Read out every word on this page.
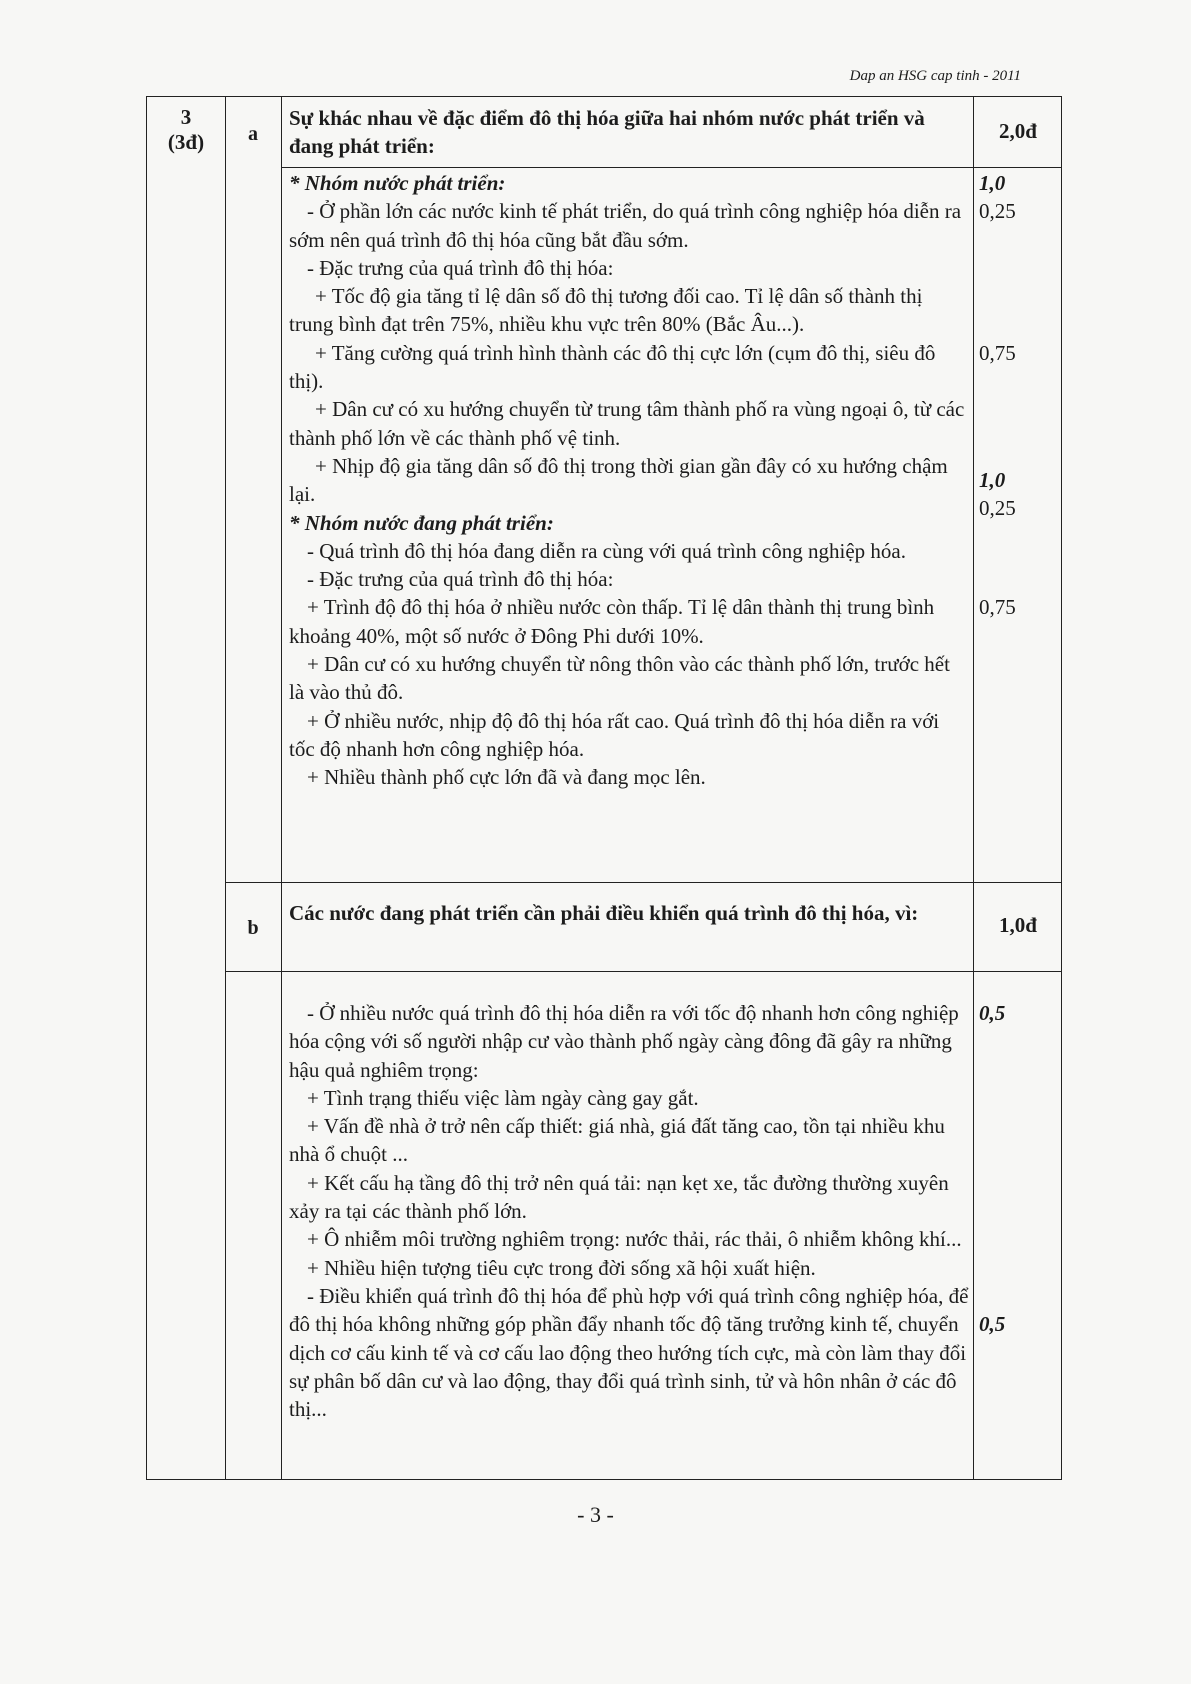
Dap an HSG cap tinh - 2011
3
(3đ)	a
Sự khác nhau về đặc điểm đô thị hóa giữa hai nhóm nước phát triển và đang phát triển:
2,0đ

* Nhóm nước phát triển:

- Ở phần lớn các nước kinh tế phát triển, do quá trình công nghiệp hóa diễn ra sớm nên quá trình đô thị hóa cũng bắt đầu sớm.

- Đặc trưng của quá trình đô thị hóa:

+ Tốc độ gia tăng tỉ lệ dân số đô thị tương đối cao. Tỉ lệ dân số thành thị trung bình đạt trên 75%, nhiều khu vực trên 80% (Bắc Âu...).

+ Tăng cường quá trình hình thành các đô thị cực lớn (cụm đô thị, siêu đô thị).

+ Dân cư có xu hướng chuyển từ trung tâm thành phố ra vùng ngoại ô, từ các thành phố lớn về các thành phố vệ tinh.

+ Nhịp độ gia tăng dân số đô thị trong thời gian gần đây có xu hướng chậm lại.

* Nhóm nước đang phát triển:

- Quá trình đô thị hóa đang diễn ra cùng với quá trình công nghiệp hóa.

- Đặc trưng của quá trình đô thị hóa:

+ Trình độ đô thị hóa ở nhiều nước còn thấp. Tỉ lệ dân thành thị trung bình khoảng 40%, một số nước ở Đông Phi dưới 10%.

+ Dân cư có xu hướng chuyển từ nông thôn vào các thành phố lớn, trước hết là vào thủ đô.

+ Ở nhiều nước, nhịp độ đô thị hóa rất cao. Quá trình đô thị hóa diễn ra với tốc độ nhanh hơn công nghiệp hóa.

+ Nhiều thành phố cực lớn đã và đang mọc lên.

1,0
0,25
0,75
1,0
0,25
0,75
b
Các nước đang phát triển cần phải điều khiển quá trình đô thị hóa, vì:	1,0đ

- Ở nhiều nước quá trình đô thị hóa diễn ra với tốc độ nhanh hơn công nghiệp hóa cộng với số người nhập cư vào thành phố ngày càng đông đã gây ra những hậu quả nghiêm trọng:

+ Tình trạng thiếu việc làm ngày càng gay gắt.

+ Vấn đề nhà ở trở nên cấp thiết: giá nhà, giá đất tăng cao, tồn tại nhiều khu nhà ổ chuột ...

+ Kết cấu hạ tầng đô thị trở nên quá tải: nạn kẹt xe, tắc đường thường xuyên xảy ra tại các thành phố lớn.

+ Ô nhiễm môi trường nghiêm trọng: nước thải, rác thải, ô nhiễm không khí...

+ Nhiều hiện tượng tiêu cực trong đời sống xã hội xuất hiện.

- Điều khiển quá trình đô thị hóa để phù hợp với quá trình công nghiệp hóa, để đô thị hóa không những góp phần đẩy nhanh tốc độ tăng trưởng kinh tế, chuyển dịch cơ cấu kinh tế và cơ cấu lao động theo hướng tích cực, mà còn làm thay đổi sự phân bố dân cư và lao động, thay đổi quá trình sinh, tử và hôn nhân ở các đô thị...

0,5
0,5
- 3 -
